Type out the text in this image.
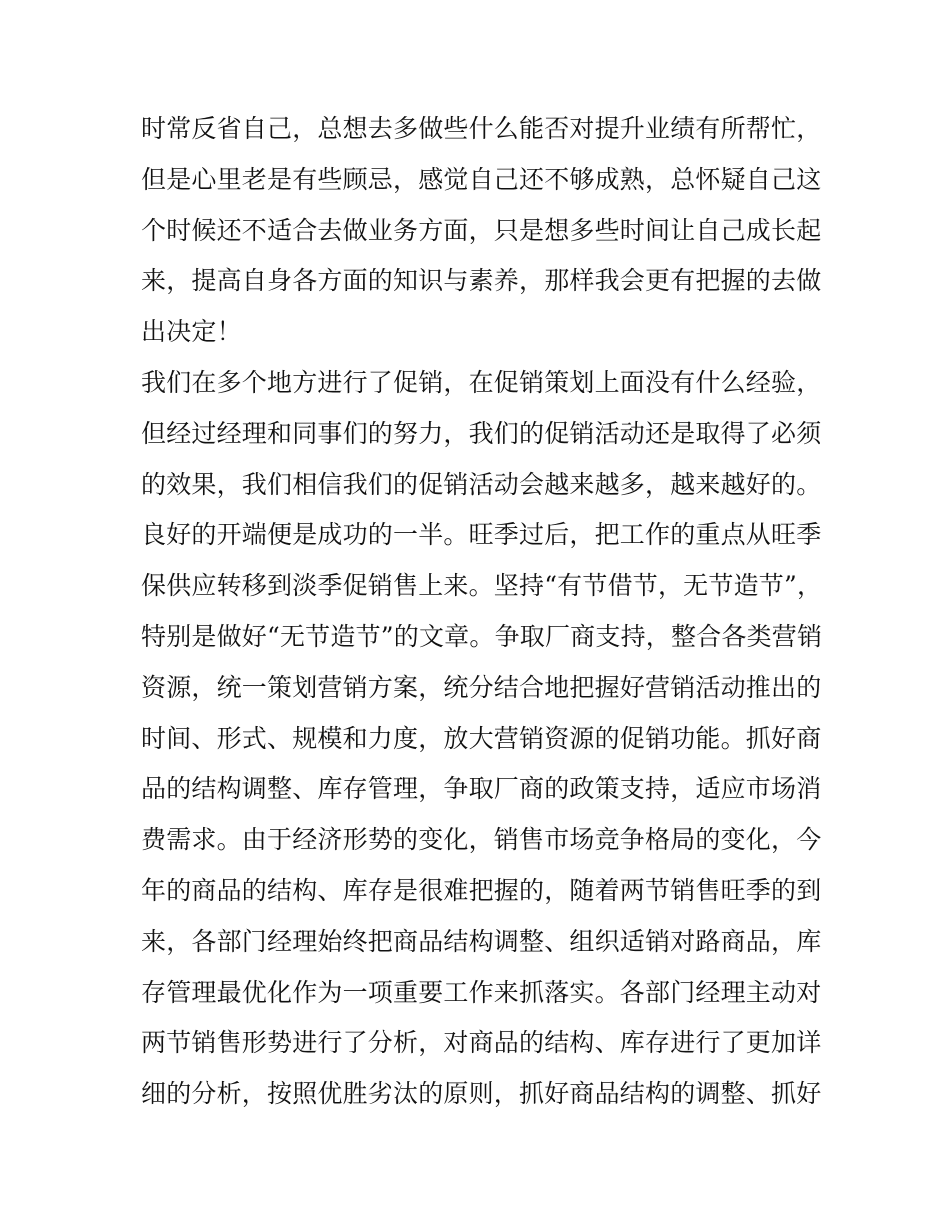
时常反省自己，总想去多做些什么能否对提升业绩有所帮忙，
但是心里老是有些顾忌，感觉自己还不够成熟，总怀疑自己这
个时候还不适合去做业务方面，只是想多些时间让自己成长起
来，提高自身各方面的知识与素养，那样我会更有把握的去做
出决定！
我们在多个地方进行了促销，在促销策划上面没有什么经验，
但经过经理和同事们的努力，我们的促销活动还是取得了必须
的效果，我们相信我们的促销活动会越来越多，越来越好的。
良好的开端便是成功的一半。旺季过后，把工作的重点从旺季
保供应转移到淡季促销售上来。坚持“有节借节，无节造节”，
特别是做好“无节造节”的文章。争取厂商支持，整合各类营销
资源，统一策划营销方案，统分结合地把握好营销活动推出的
时间、形式、规模和力度，放大营销资源的促销功能。抓好商
品的结构调整、库存管理，争取厂商的政策支持，适应市场消
费需求。由于经济形势的变化，销售市场竞争格局的变化，今
年的商品的结构、库存是很难把握的，随着两节销售旺季的到
来，各部门经理始终把商品结构调整、组织适销对路商品，库
存管理最优化作为一项重要工作来抓落实。各部门经理主动对
两节销售形势进行了分析，对商品的结构、库存进行了更加详
细的分析，按照优胜劣汰的原则，抓好商品结构的调整、抓好
